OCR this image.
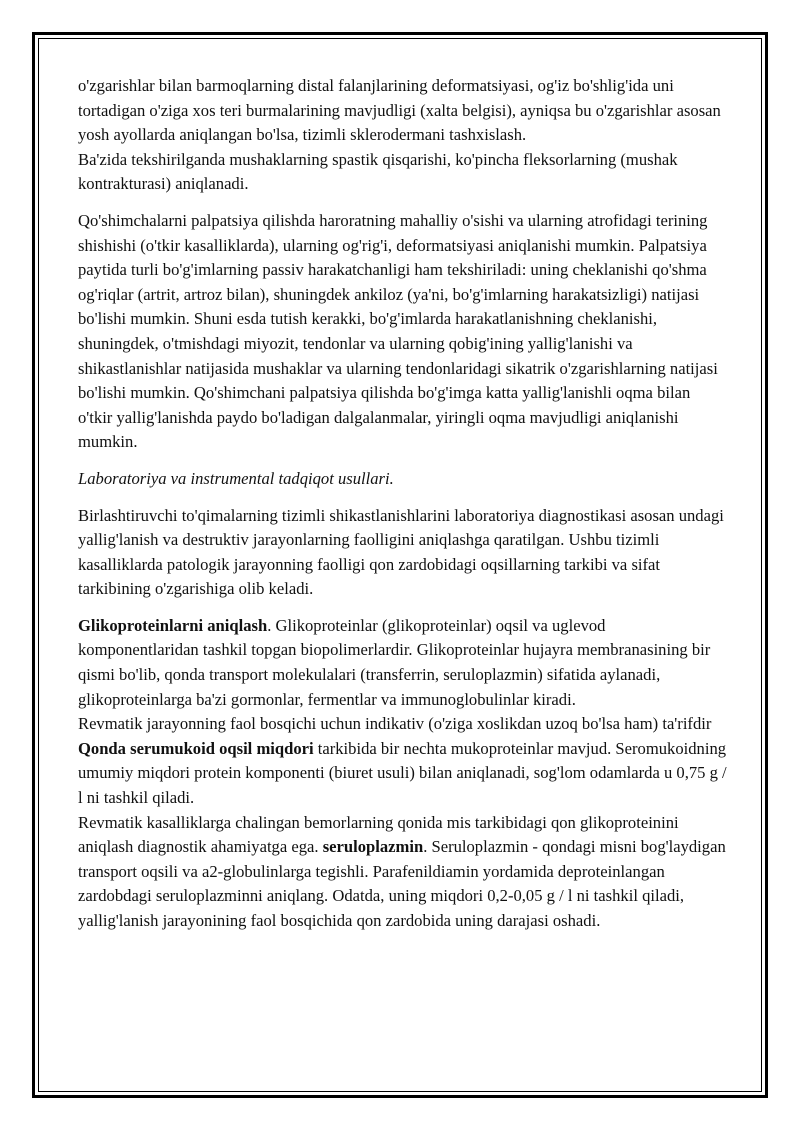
o'zgarishlar bilan barmoqlarning distal falanjlarining deformatsiyasi, og'iz bo'shlig'ida uni tortadigan o'ziga xos teri burmalarining mavjudligi (xalta belgisi), ayniqsa bu o'zgarishlar asosan yosh ayollarda aniqlangan bo'lsa, tizimli sklerodermani tashxislash.

Ba'zida tekshirilganda mushaklarning spastik qisqarishi, ko'pincha fleksorlarning (mushak kontrakturasi) aniqlanadi.

Qo'shimchalarni palpatsiya qilishda haroratning mahalliy o'sishi va ularning atrofidagi terining shishishi (o'tkir kasalliklarda), ularning og'rig'i, deformatsiyasi aniqlanishi mumkin. Palpatsiya paytida turli bo'g'imlarning passiv harakatchanligi ham tekshiriladi: uning cheklanishi qo'shma og'riqlar (artrit, artroz bilan), shuningdek ankiloz (ya'ni, bo'g'imlarning harakatsizligi) natijasi bo'lishi mumkin. Shuni esda tutish kerakki, bo'g'imlarda harakatlanishning cheklanishi, shuningdek, o'tmishdagi miyozit, tendonlar va ularning qobig'ining yallig'lanishi va shikastlanishlar natijasida mushaklar va ularning tendonlaridagi sikatrik o'zgarishlarning natijasi bo'lishi mumkin. Qo'shimchani palpatsiya qilishda bo'g'imga katta yallig'lanishli oqma bilan o'tkir yallig'lanishda paydo bo'ladigan dalgalanmalar, yiringli oqma mavjudligi aniqlanishi mumkin.

Laboratoriya va instrumental tadqiqot usullari.

Birlashtiruvchi to'qimalarning tizimli shikastlanishlarini laboratoriya diagnostikasi asosan undagi yallig'lanish va destruktiv jarayonlarning faolligini aniqlashga qaratilgan. Ushbu tizimli kasalliklarda patologik jarayonning faolligi qon zardobidagi oqsillarning tarkibi va sifat tarkibining o'zgarishiga olib keladi.

Glikoproteinlarni aniqlash. Glikoproteinlar (glikoproteinlar) oqsil va uglevod komponentlaridan tashkil topgan biopolimerlardir. Glikoproteinlar hujayra membranasining bir qismi bo'lib, qonda transport molekulalari (transferrin, seruloplazmin) sifatida aylanadi, glikoproteinlarga ba'zi gormonlar, fermentlar va immunoglobulinlar kiradi.

Revmatik jarayonning faol bosqichi uchun indikativ (o'ziga xoslikdan uzoq bo'lsa ham) ta'rifdir Qonda serumukoid oqsil miqdori tarkibida bir nechta mukoproteinlar mavjud. Seromukoidning umumiy miqdori protein komponenti (biuret usuli) bilan aniqlanadi, sog'lom odamlarda u 0,75 g / l ni tashkil qiladi.

Revmatik kasalliklarga chalingan bemorlarning qonida mis tarkibidagi qon glikoproteinini aniqlash diagnostik ahamiyatga ega. seruloplazmin. Seruloplazmin - qondagi misni bog'laydigan transport oqsili va a2-globulinlarga tegishli. Parafenildiamin yordamida deproteinlangan zardobdagi seruloplazminni aniqlang. Odatda, uning miqdori 0,2-0,05 g / l ni tashkil qiladi, yallig'lanish jarayonining faol bosqichida qon zardobida uning darajasi oshadi.
